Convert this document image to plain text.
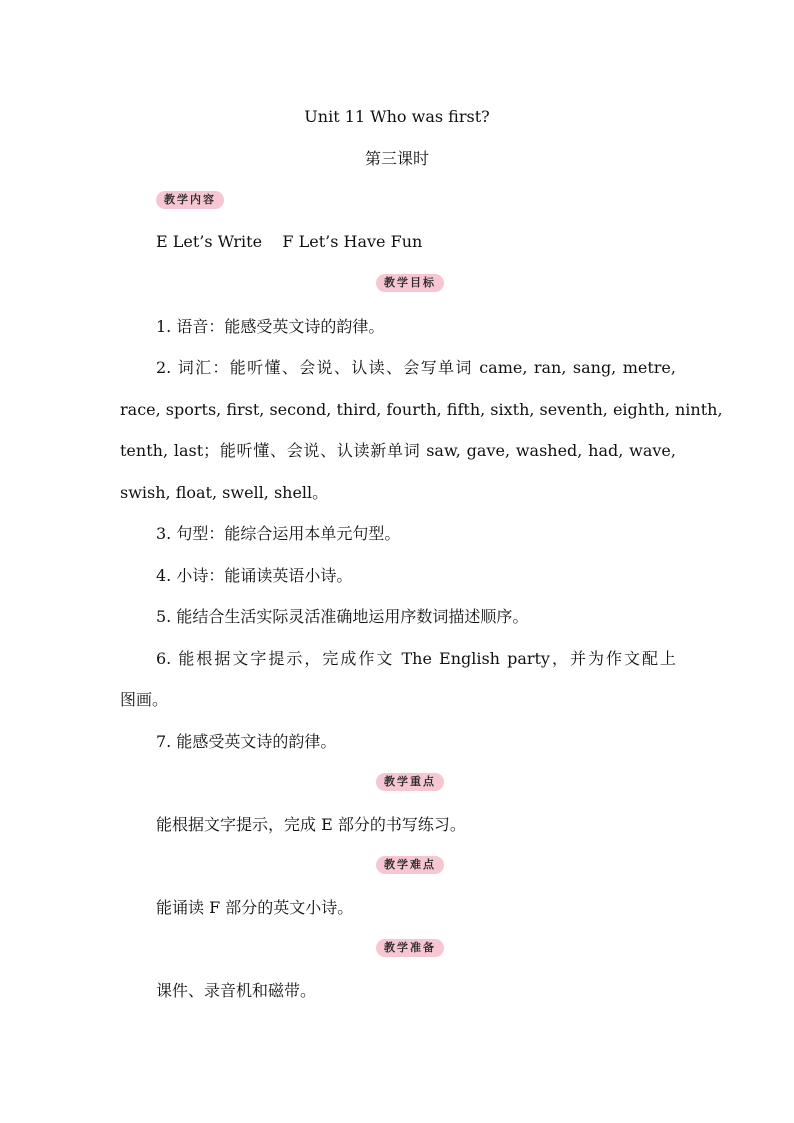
Unit 11 Who was first?
第三课时
教学内容
E Let’s Write    F Let’s Have Fun
教学目标
1. 语音：能感受英文诗的韵律。
2. 词汇：能听懂、会说、认读、会写单词 came, ran, sang, metre,
race, sports, first, second, third, fourth, fifth, sixth, seventh, eighth, ninth,
tenth, last；能听懂、会说、认读新单词 saw, gave, washed, had, wave,
swish, float, swell, shell。
3. 句型：能综合运用本单元句型。
4. 小诗：能诵读英语小诗。
5. 能结合生活实际灵活准确地运用序数词描述顺序。
6. 能根据文字提示，完成作文 The English party，并为作文配上
图画。
7. 能感受英文诗的韵律。
教学重点
能根据文字提示，完成 E 部分的书写练习。
教学难点
能诵读 F 部分的英文小诗。
教学准备
课件、录音机和磁带。
